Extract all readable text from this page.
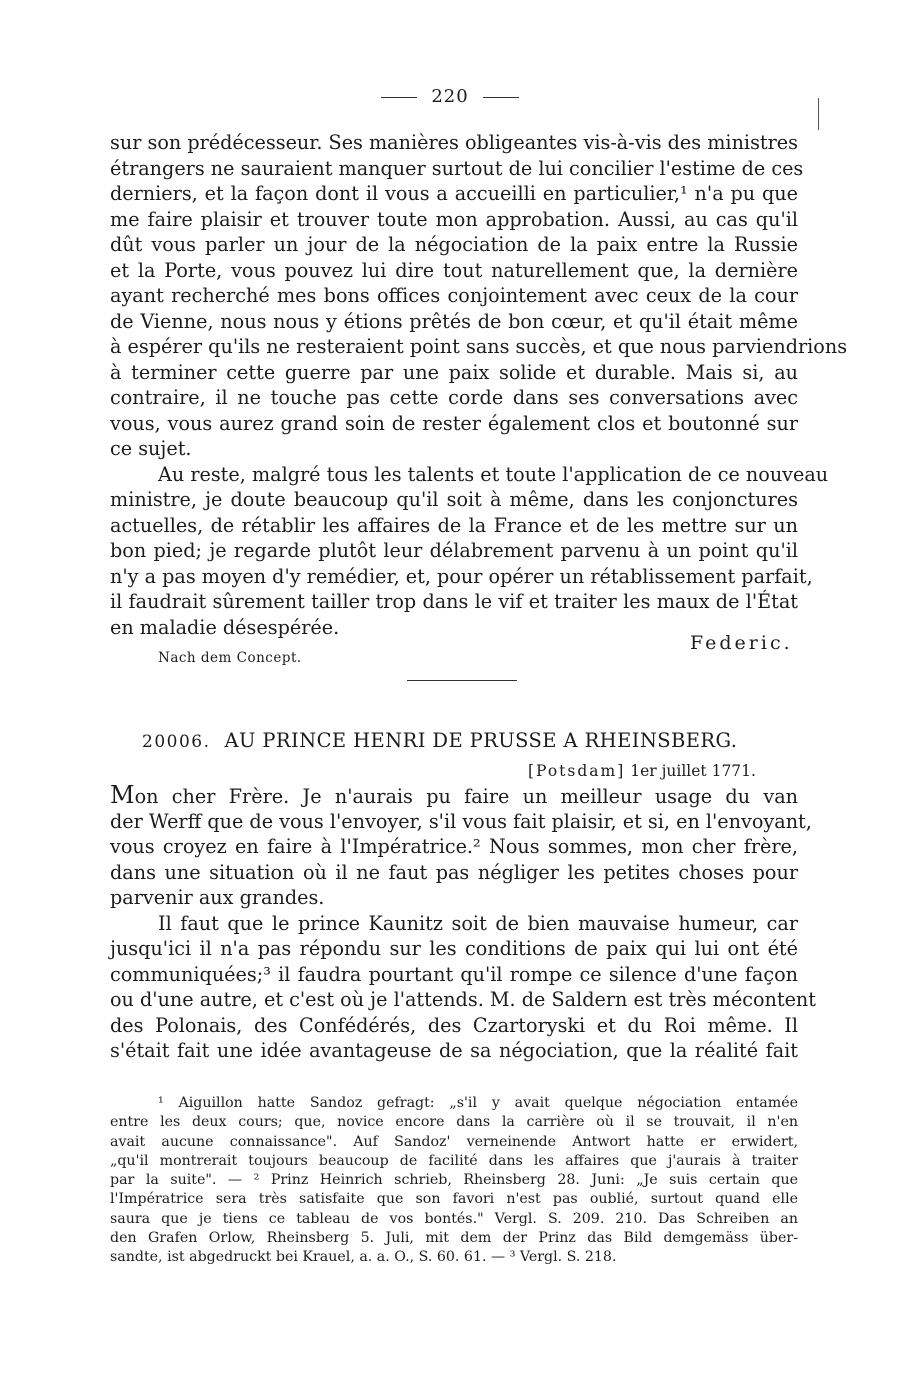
220
sur son prédécesseur. Ses manières obligeantes vis-à-vis des ministres
étrangers ne sauraient manquer surtout de lui concilier l'estime de ces
derniers, et la façon dont il vous a accueilli en particulier,¹ n'a pu que
me faire plaisir et trouver toute mon approbation. Aussi, au cas qu'il
dût vous parler un jour de la négociation de la paix entre la Russie
et la Porte, vous pouvez lui dire tout naturellement que, la dernière
ayant recherché mes bons offices conjointement avec ceux de la cour
de Vienne, nous nous y étions prêtés de bon cœur, et qu'il était même
à espérer qu'ils ne resteraient point sans succès, et que nous parviendrions
à terminer cette guerre par une paix solide et durable. Mais si, au
contraire, il ne touche pas cette corde dans ses conversations avec
vous, vous aurez grand soin de rester également clos et boutonné sur
ce sujet.
Au reste, malgré tous les talents et toute l'application de ce nouveau
ministre, je doute beaucoup qu'il soit à même, dans les conjonctures
actuelles, de rétablir les affaires de la France et de les mettre sur un
bon pied; je regarde plutôt leur délabrement parvenu à un point qu'il
n'y a pas moyen d'y remédier, et, pour opérer un rétablissement parfait,
il faudrait sûrement tailler trop dans le vif et traiter les maux de l'État
en maladie désespérée.
Federic.
Nach dem Concept.
20006. AU PRINCE HENRI DE PRUSSE A RHEINSBERG.
[Potsdam] 1er juillet 1771.
Mon cher Frère. Je n'aurais pu faire un meilleur usage du van
der Werff que de vous l'envoyer, s'il vous fait plaisir, et si, en l'envoyant,
vous croyez en faire à l'Impératrice.² Nous sommes, mon cher frère,
dans une situation où il ne faut pas négliger les petites choses pour
parvenir aux grandes.
Il faut que le prince Kaunitz soit de bien mauvaise humeur, car
jusqu'ici il n'a pas répondu sur les conditions de paix qui lui ont été
communiquées;³ il faudra pourtant qu'il rompe ce silence d'une façon
ou d'une autre, et c'est où je l'attends. M. de Saldern est très mécontent
des Polonais, des Confédérés, des Czartoryski et du Roi même. Il
s'était fait une idée avantageuse de sa négociation, que la réalité fait
¹ Aiguillon hatte Sandoz gefragt: „s'il y avait quelque négociation entamée
entre les deux cours; que, novice encore dans la carrière où il se trouvait, il n'en
avait aucune connaissance". Auf Sandoz' verneinende Antwort hatte er erwidert,
„qu'il montrerait toujours beaucoup de facilité dans les affaires que j'aurais à traiter
par la suite". — ² Prinz Heinrich schrieb, Rheinsberg 28. Juni: „Je suis certain que
l'Impératrice sera très satisfaite que son favori n'est pas oublié, surtout quand elle
saura que je tiens ce tableau de vos bontés." Vergl. S. 209. 210. Das Schreiben an
den Grafen Orlow, Rheinsberg 5. Juli, mit dem der Prinz das Bild demgemäss über-
sandte, ist abgedruckt bei Krauel, a. a. O., S. 60. 61. — ³ Vergl. S. 218.
